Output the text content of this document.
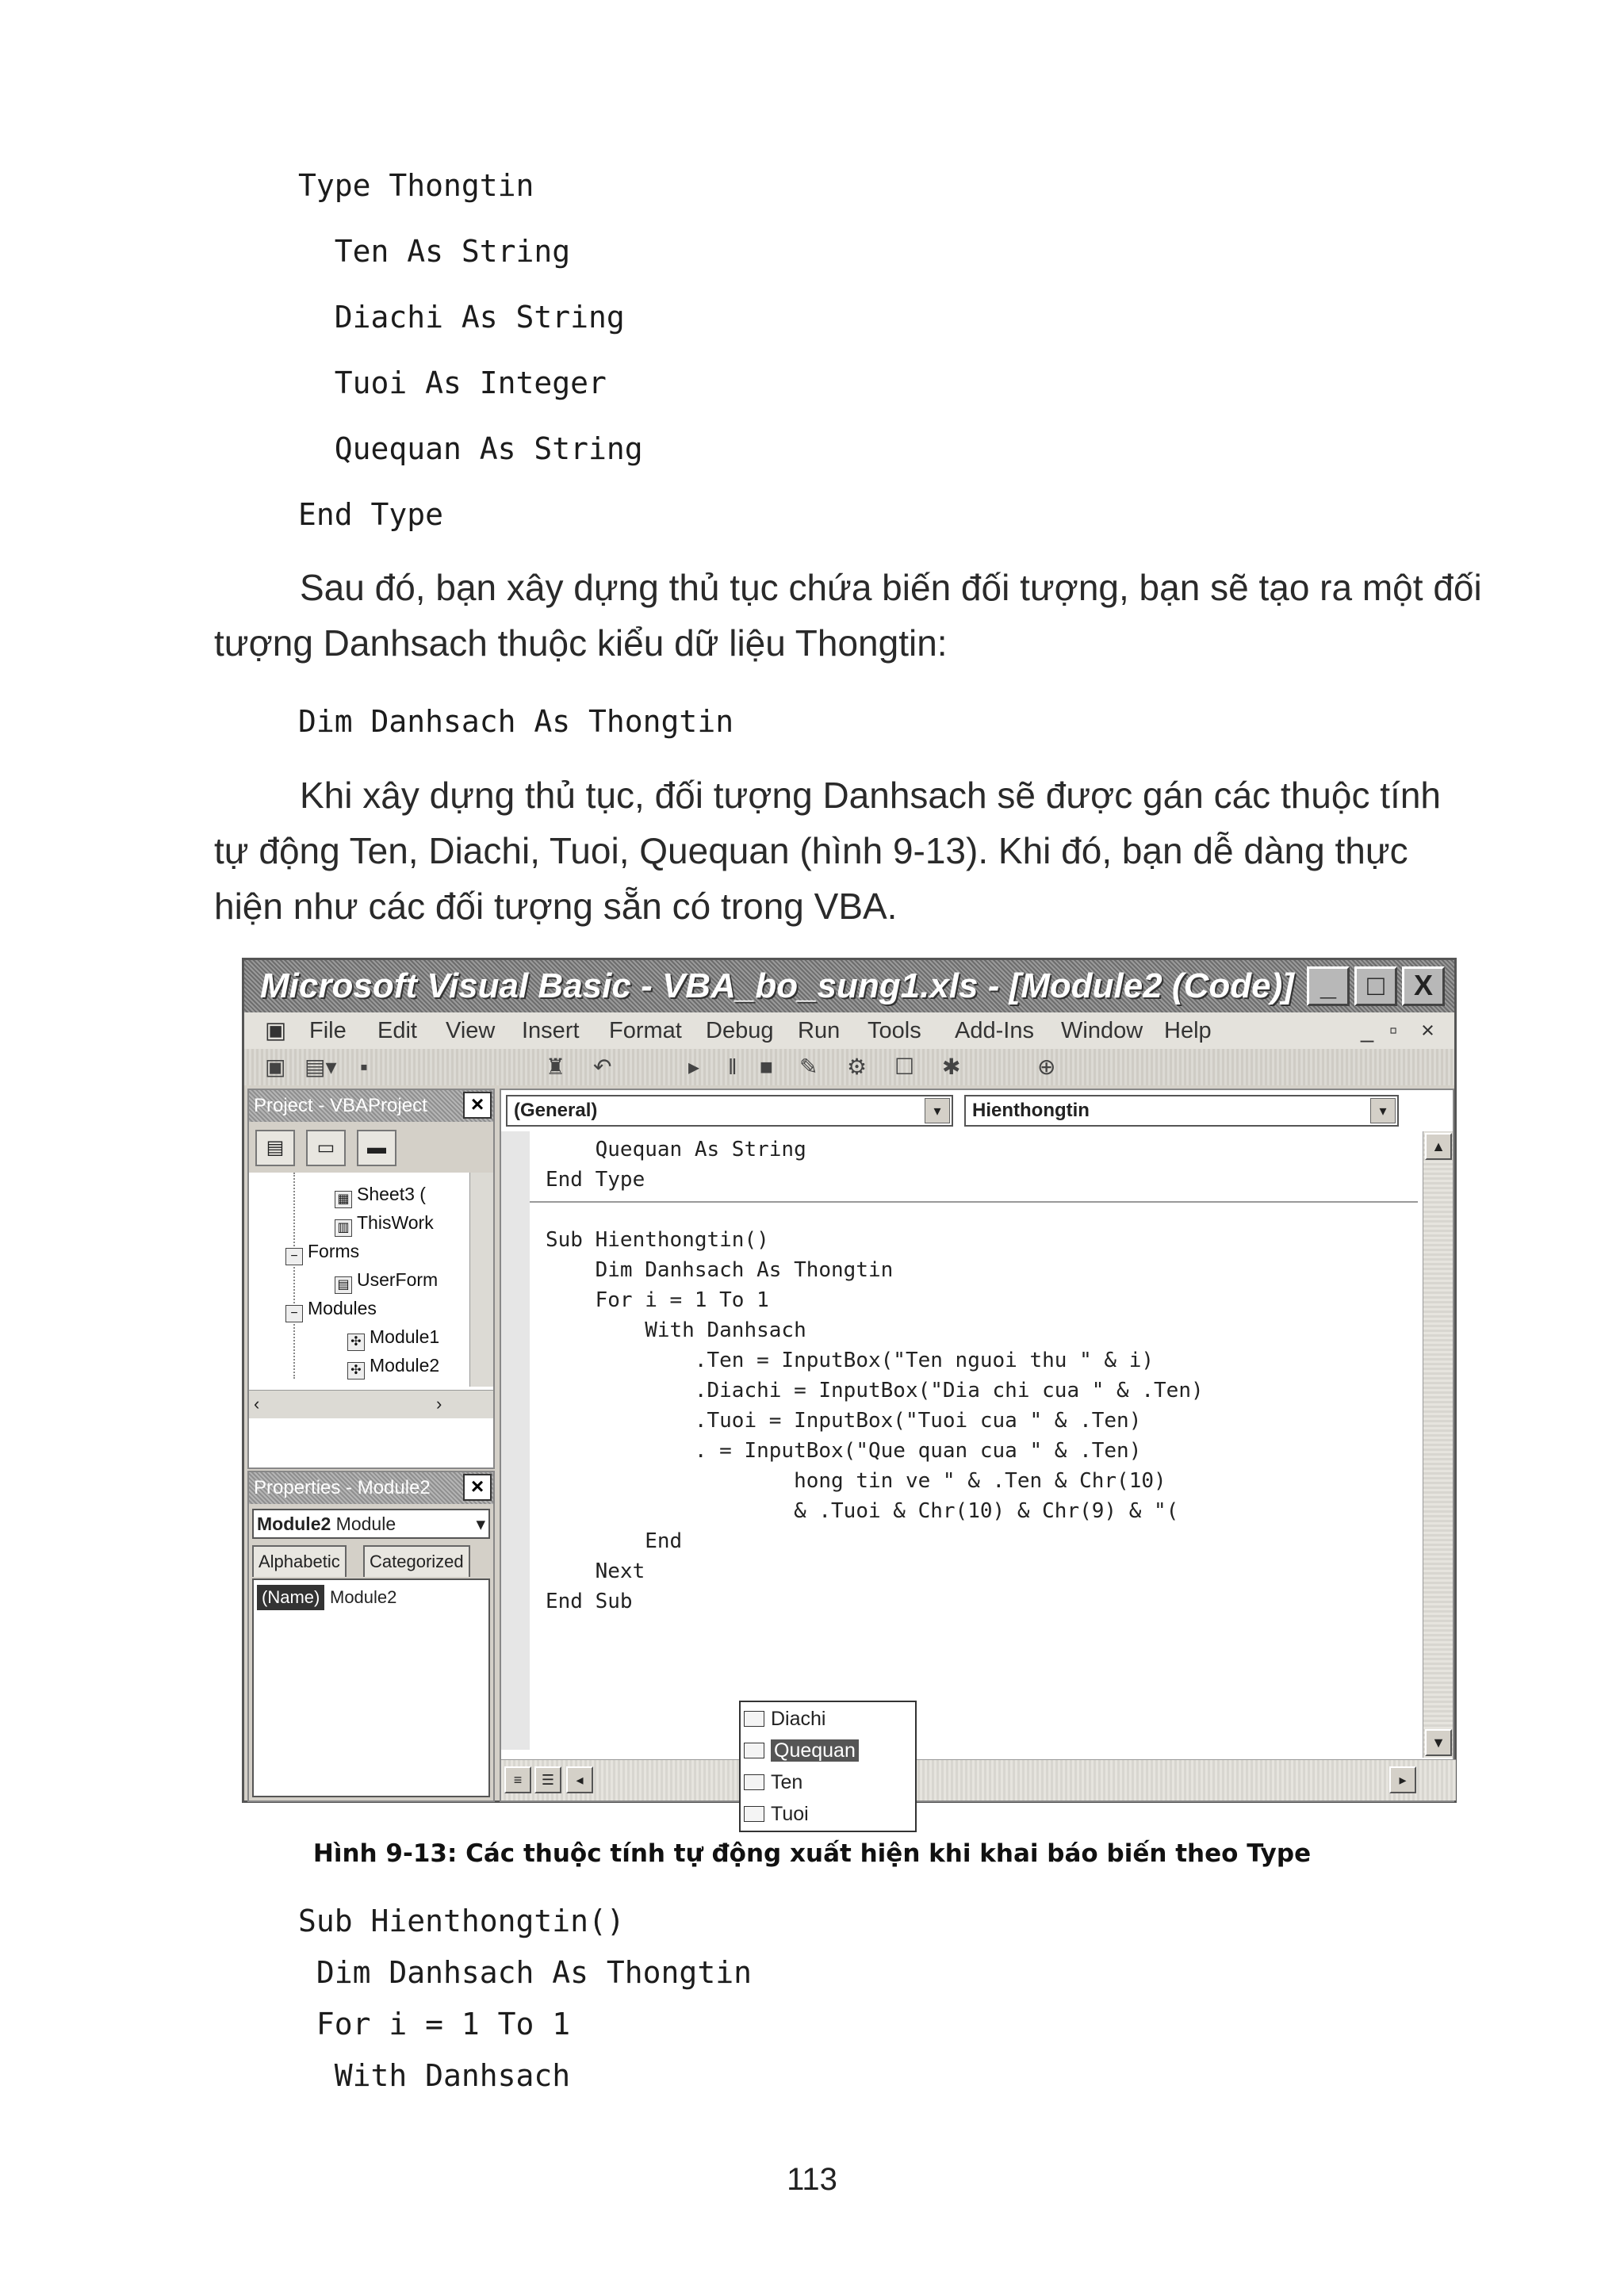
Type Thongtin
Ten As String
Diachi As String
Tuoi As Integer
Quequan As String
End Type
Sau đó, bạn xây dựng thủ tục chứa biến đối tượng, bạn sẽ tạo ra một đối tượng Danhsach thuộc kiểu dữ liệu Thongtin:
Dim Danhsach As Thongtin
Khi xây dựng thủ tục, đối tượng Danhsach sẽ được gán các thuộc tính tự động Ten, Diachi, Tuoi, Quequan (hình 9-13). Khi đó, bạn dễ dàng thực hiện như các đối tượng sẵn có trong VBA.
Microsoft Visual Basic - VBA_bo_sung1.xls - [Module2 (Code)] _	□	X
▣ File Edit View Insert Format Debug Run Tools Add-Ins Window Help	_ ▫ ×
▣ ▤▾ ▪	♜ ↶	▸ ‖ ■ ✎ ⚙ ☐ ✱	⊕
Project - VBAProject	×
▤	▭	▬
▦ Sheet3 (
▥ ThisWork
− Forms
▤ UserForm
− Modules
✣ Module1
✣ Module2
‹	›
Properties - Module2	×
Module2 Module	▾
Alphabetic	Categorized
(Name) Module2
(General)	▾	Hienthongtin	▾
Quequan As String
End Type
Sub Hienthongtin()
Dim Danhsach As Thongtin
For i = 1 To 1
With Danhsach
.Ten = InputBox("Ten nguoi thu " & i)
.Diachi = InputBox("Dia chi cua " & .Ten)
.Tuoi = InputBox("Tuoi cua " & .Ten)
. = InputBox("Que quan cua " & .Ten)
hong tin ve " & .Ten & Chr(10)
& .Tuoi & Chr(10) & Chr(9) & "(
End
Next
End Sub
▲
▼
≡	☰	◂	▸
Diachi
Quequan
Ten
Tuoi
Hình 9-13: Các thuộc tính tự động xuất hiện khi khai báo biến theo Type
Sub Hienthongtin()
Dim Danhsach As Thongtin
For i = 1 To 1
With Danhsach
113
